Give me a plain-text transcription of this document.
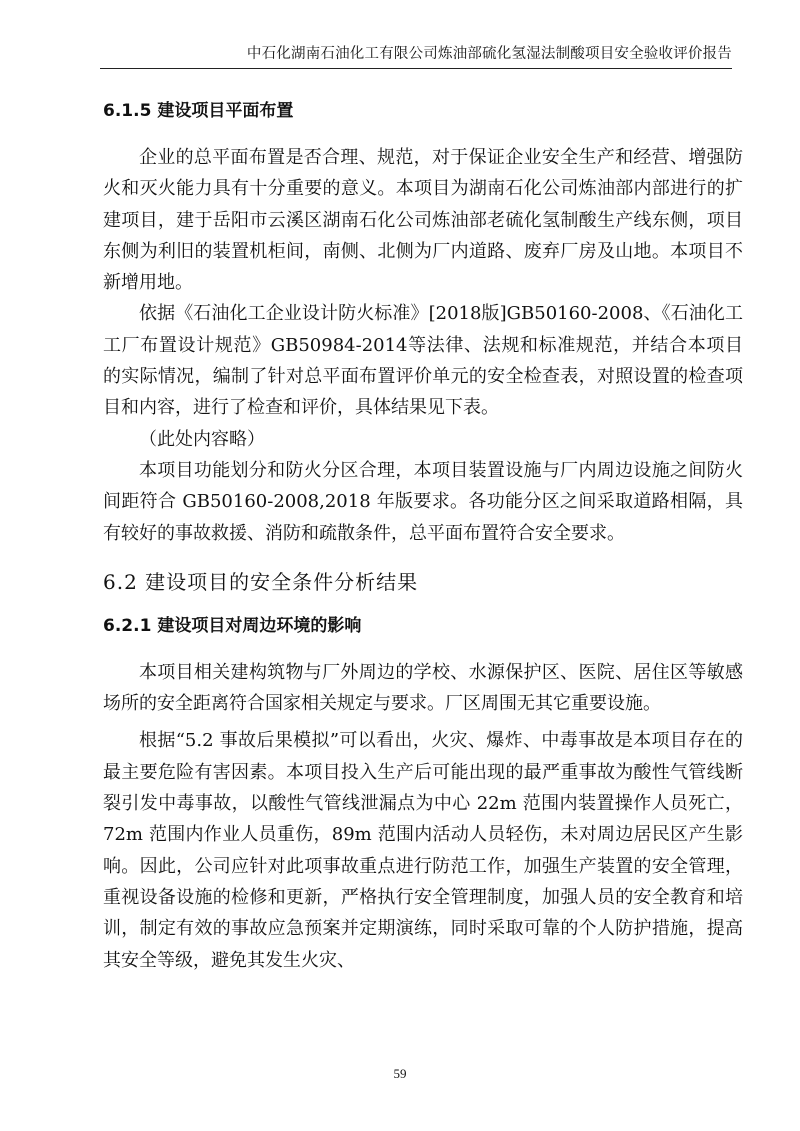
中石化湖南石油化工有限公司炼油部硫化氢湿法制酸项目安全验收评价报告
6.1.5 建设项目平面布置

企业的总平面布置是否合理、规范，对于保证企业安全生产和经营、增强防火和灭火能力具有十分重要的意义。本项目为湖南石化公司炼油部内部进行的扩建项目，建于岳阳市云溪区湖南石化公司炼油部老硫化氢制酸生产线东侧，项目东侧为利旧的装置机柜间，南侧、北侧为厂内道路、废弃厂房及山地。本项目不新增用地。

依据《石油化工企业设计防火标准》[2018版]GB50160-2008、《石油化工工厂布置设计规范》GB50984-2014等法律、法规和标准规范，并结合本项目的实际情况，编制了针对总平面布置评价单元的安全检查表，对照设置的检查项目和内容，进行了检查和评价，具体结果见下表。

（此处内容略）

本项目功能划分和防火分区合理，本项目装置设施与厂内周边设施之间防火间距符合 GB50160-2008,2018 年版要求。各功能分区之间采取道路相隔，具有较好的事故救援、消防和疏散条件，总平面布置符合安全要求。

6.2 建设项目的安全条件分析结果
6.2.1 建设项目对周边环境的影响

本项目相关建构筑物与厂外周边的学校、水源保护区、医院、居住区等敏感场所的安全距离符合国家相关规定与要求。厂区周围无其它重要设施。

根据“5.2 事故后果模拟”可以看出，火灾、爆炸、中毒事故是本项目存在的最主要危险有害因素。本项目投入生产后可能出现的最严重事故为酸性气管线断裂引发中毒事故，以酸性气管线泄漏点为中心 22m 范围内装置操作人员死亡，72m 范围内作业人员重伤，89m 范围内活动人员轻伤，未对周边居民区产生影响。因此，公司应针对此项事故重点进行防范工作，加强生产装置的安全管理，重视设备设施的检修和更新，严格执行安全管理制度，加强人员的安全教育和培训，制定有效的事故应急预案并定期演练，同时采取可靠的个人防护措施，提高其安全等级，避免其发生火灾、

59
